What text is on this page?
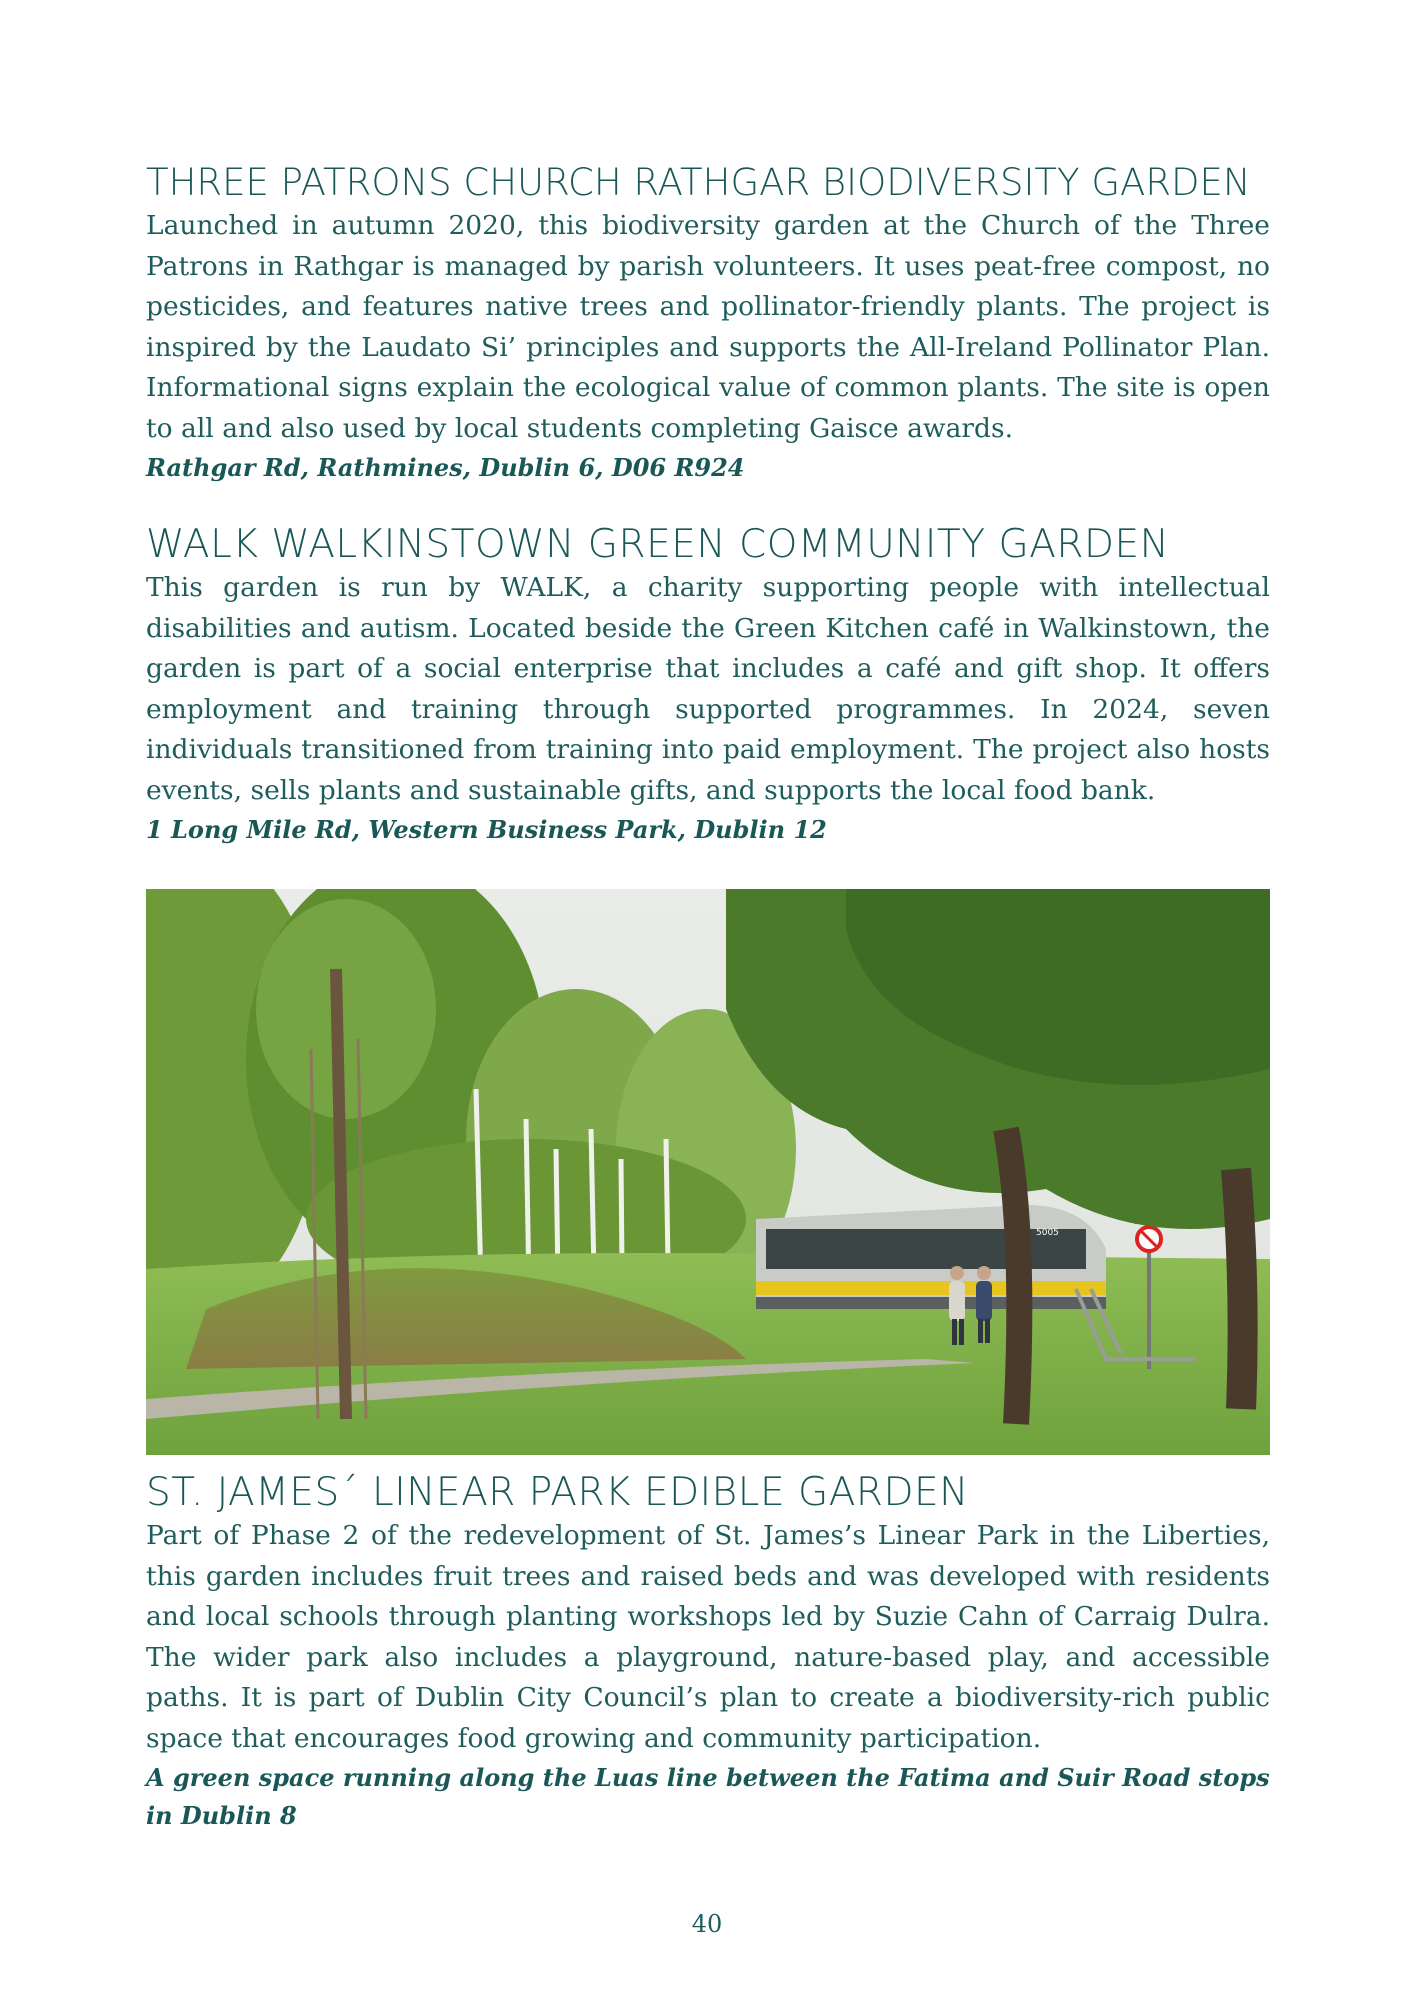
THREE PATRONS CHURCH RATHGAR BIODIVERSITY GARDEN

Launched in autumn 2020, this biodiversity garden at the Church of the Three Patrons in Rathgar is managed by parish volunteers. It uses peat-free compost, no pesticides, and features native trees and pollinator-friendly plants. The project is inspired by the Laudato Si’ principles and supports the All-Ireland Pollinator Plan. Informational signs explain the ecological value of common plants. The site is open to all and also used by local students completing Gaisce awards.

Rathgar Rd, Rathmines, Dublin 6, D06 R924

WALK WALKINSTOWN GREEN COMMUNITY GARDEN

This garden is run by WALK, a charity supporting people with intellectual disabilities and autism. Located beside the Green Kitchen café in Walkinstown, the garden is part of a social enterprise that includes a café and gift shop. It offers employment and training through supported programmes. In 2024, seven individuals transitioned from training into paid employment. The project also hosts events, sells plants and sustainable gifts, and supports the local food bank.

1 Long Mile Rd, Western Business Park, Dublin 12

5005
ST. JAMES´ LINEAR PARK EDIBLE GARDEN

Part of Phase 2 of the redevelopment of St. James’s Linear Park in the Liberties, this garden includes fruit trees and raised beds and was developed with residents and local schools through planting workshops led by Suzie Cahn of Carraig Dulra. The wider park also includes a playground, nature-based play, and accessible paths. It is part of Dublin City Council’s plan to create a biodiversity-rich public space that encourages food growing and community participation.

A green space running along the Luas line between the Fatima and Suir Road stops in Dublin 8

40
